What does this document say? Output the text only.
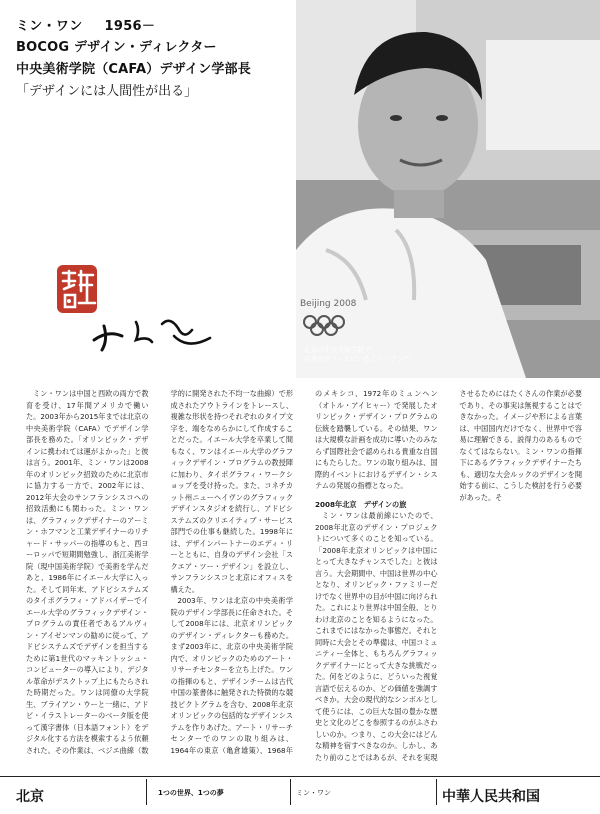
ミン・ワン 1956－
BOCOG デザイン・ディレクター
中央美術学院（CAFA）デザイン学部長
「デザインには人間性が出る」
Beijing 2008
北京の中央美術学院で
自身のオフィスにいるミン・ワン⁽²⁾

ミン・ワンは中国と西欧の両方で教育を受け、17年間アメリカで働いた。2003年から2015年までは北京の中央美術学院（CAFA）でデザイン学部長を務めた。「オリンピック・デザインに携われては運がよかった」と彼は言う。2001年、ミン・ワンは2008年のオリンピック招致のために北京市に協力する一方で、2002年には、2012年大会のサンフランシスコへの招致活動にも関わった。ミン・ワンは、グラフィックデザイナーのアーミン・ホフマンと工業デザイナーのリチャード・サッパーの指導のもと、西ヨーロッパで短期間勉強し、浙江美術学院（現中国美術学院）で美術を学んだあと、1986年にイエール大学に入った。そして同年末、アドビシステムズのタイポグラフィ・アドバイザーでイエール大学のグラフィックデザイン・プログラムの責任者であるアルヴィン・アイゼンマンの勧めに従って、アドビシステムズでデザインを担当するために第1世代のマッキントッシュ・コンピューターの導入により、デジタル革命がデスクトップ上にもたらされた時期だった。ワンは同僚の大学院生、ブライアン・ウーと一緒に、アドビ・イラストレーターのベータ版を使って漢字書体（日本語フォント）をデジタル化する方法を模索するよう依頼された。その作業は、ベジエ曲線（数学的に開発された不均一な曲線）で形成されたアウトラインをトレースし、複雑な形状を持つそれぞれのタイプ文字を、端をなめらかにして作成することだった。イエール大学を卒業して間もなく、ワンはイエール大学のグラフィックデザイン・プログラムの教授陣に加わり、タイポグラフィ・ワークショップを受け持った。また、コネチカット州ニューヘイヴンのグラフィックデザインスタジオを続行し、アドビシステムズのクリエイティブ・サービス部門での仕事も継続した。1998年には、デザインパートナーのエディ・リーとともに、自身のデザイン会社「スクエア・ツー・デザイン」を設立し、サンフランシスコと北京にオフィスを構えた。

2003年、ワンは北京の中央美術学院のデザイン学部長に任命された。そして2008年には、北京オリンピックのデザイン・ディレクターも務めた。まず2003年に、北京の中央美術学院内で、オリンピックのためのアート・リサーチセンターを立ち上げた。ワンの指揮のもと、デザインチームは古代中国の篆書体に触発された特徴的な競技ピクトグラムを含む、2008年北京オリンピックの包括的なデザインシステムを作りあげた。アート・リサーチセンターでのワンの取り組みは、1964年の東京（亀倉雄策）、1968年のメキシコ、1972年のミュンヘン（オトル・アイヒャー）で発展したオリンピック・デザイン・プログラムの伝統を踏襲している。その結果、ワンは大規模な計画を成功に導いたのみならず国際社会で認められる貴重な自国にもたらした。ワンの取り組みは、国際的イベントにおけるデザイン・システムの発展の指標となった。

2008年北京　デザインの旅

ミン・ワンは最前線にいたので、2008年北京のデザイン・プロジェクトについて多くのことを知っている。「2008年北京オリンピックは中国にとって大きなチャンスでした」と彼は言う。大会期間中、中国は世界の中心となり、オリンピック・ファミリーだけでなく世界中の目が中国に向けられた。これにより世界は中国全般、とりわけ北京のことを知るようになった。これまでにはなかった事態だ。それと同時に大会とその準備は、中国コミュニティー全体と、もちろんグラフィックデザイナーにとって大きな挑戦だった。何をどのように、どういった視覚言語で伝えるのか、どの価値を強調すべきか。大会の現代的なシンボルとして使うには、この巨大な国の豊かな歴史と文化のどこを参照するのがふさわしいのか。つまり、この大会にはどんな精神を宿すべきなのか。しかし、あたり前のことではあるが、それを実現させるためにはたくさんの作業が必要であり、その事実は無視することはできなかった。イメージや形による言葉は、中国国内だけでなく、世界中で容易に理解できる、説得力のあるものでなくてはならない。ミン・ワンの指揮下にあるグラフィックデザイナーたちも、適切な大会ルックのデザインを開始する前に、こうした検討を行う必要があった。そ

北京	1つの世界、1つの夢	ミン・ワン	中華人民共和国
